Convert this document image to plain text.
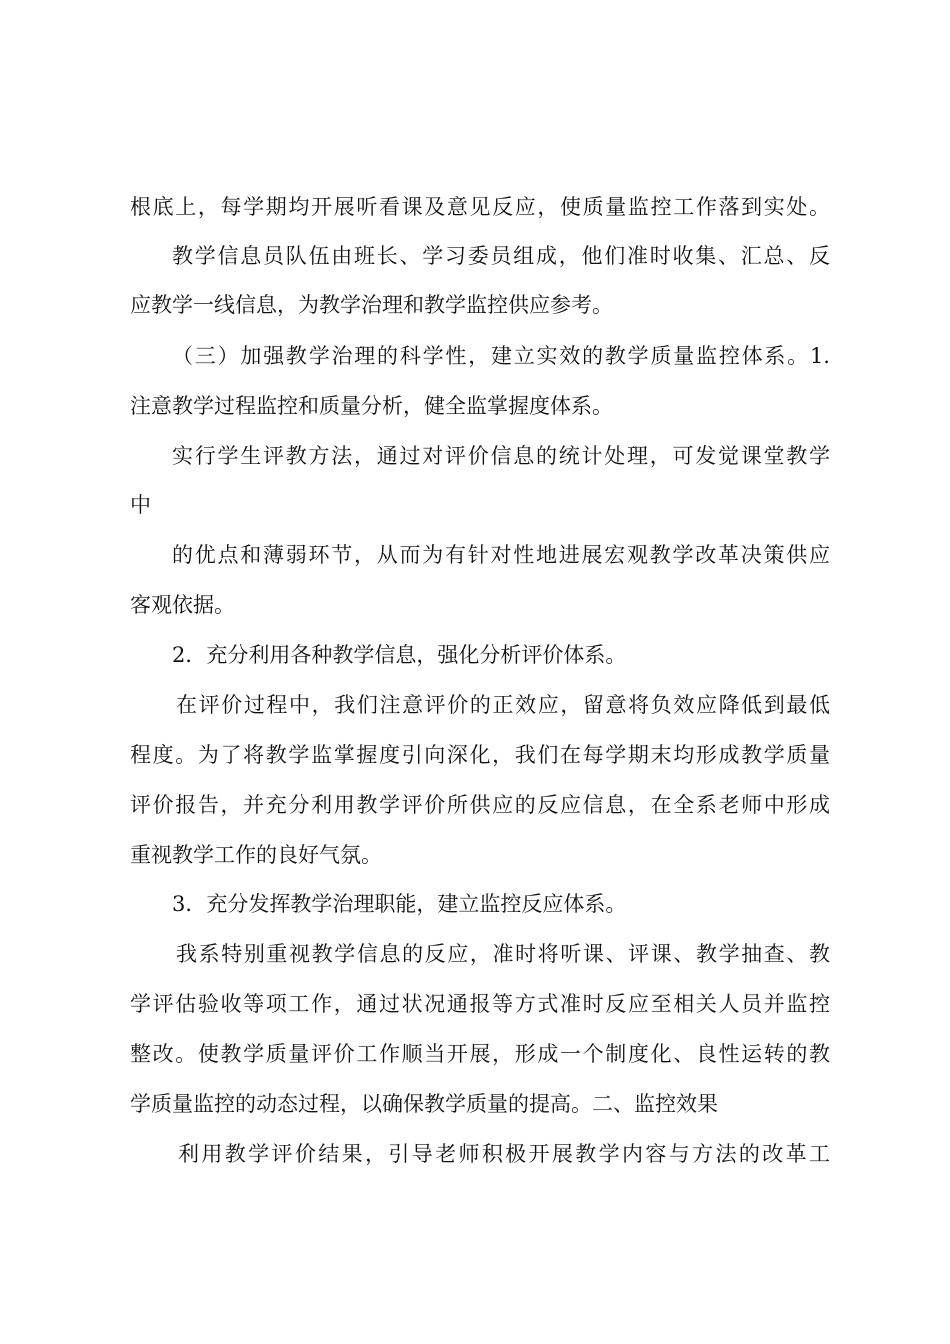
根底上，每学期均开展听看课及意见反应，使质量监控工作落到实处。
教学信息员队伍由班长、学习委员组成，他们准时收集、汇总、反
应教学一线信息，为教学治理和教学监控供应参考。
（三）加强教学治理的科学性，建立实效的教学质量监控体系。1.
注意教学过程监控和质量分析，健全监掌握度体系。
实行学生评教方法，通过对评价信息的统计处理，可发觉课堂教学
中
的优点和薄弱环节，从而为有针对性地进展宏观教学改革决策供应
客观依据。
2．充分利用各种教学信息，强化分析评价体系。
在评价过程中，我们注意评价的正效应，留意将负效应降低到最低
程度。为了将教学监掌握度引向深化，我们在每学期末均形成教学质量
评价报告，并充分利用教学评价所供应的反应信息，在全系老师中形成
重视教学工作的良好气氛。
3．充分发挥教学治理职能，建立监控反应体系。
我系特别重视教学信息的反应，准时将听课、评课、教学抽查、教
学评估验收等项工作，通过状况通报等方式准时反应至相关人员并监控
整改。使教学质量评价工作顺当开展，形成一个制度化、良性运转的教
学质量监控的动态过程，以确保教学质量的提高。二、监控效果
利用教学评价结果，引导老师积极开展教学内容与方法的改革工
